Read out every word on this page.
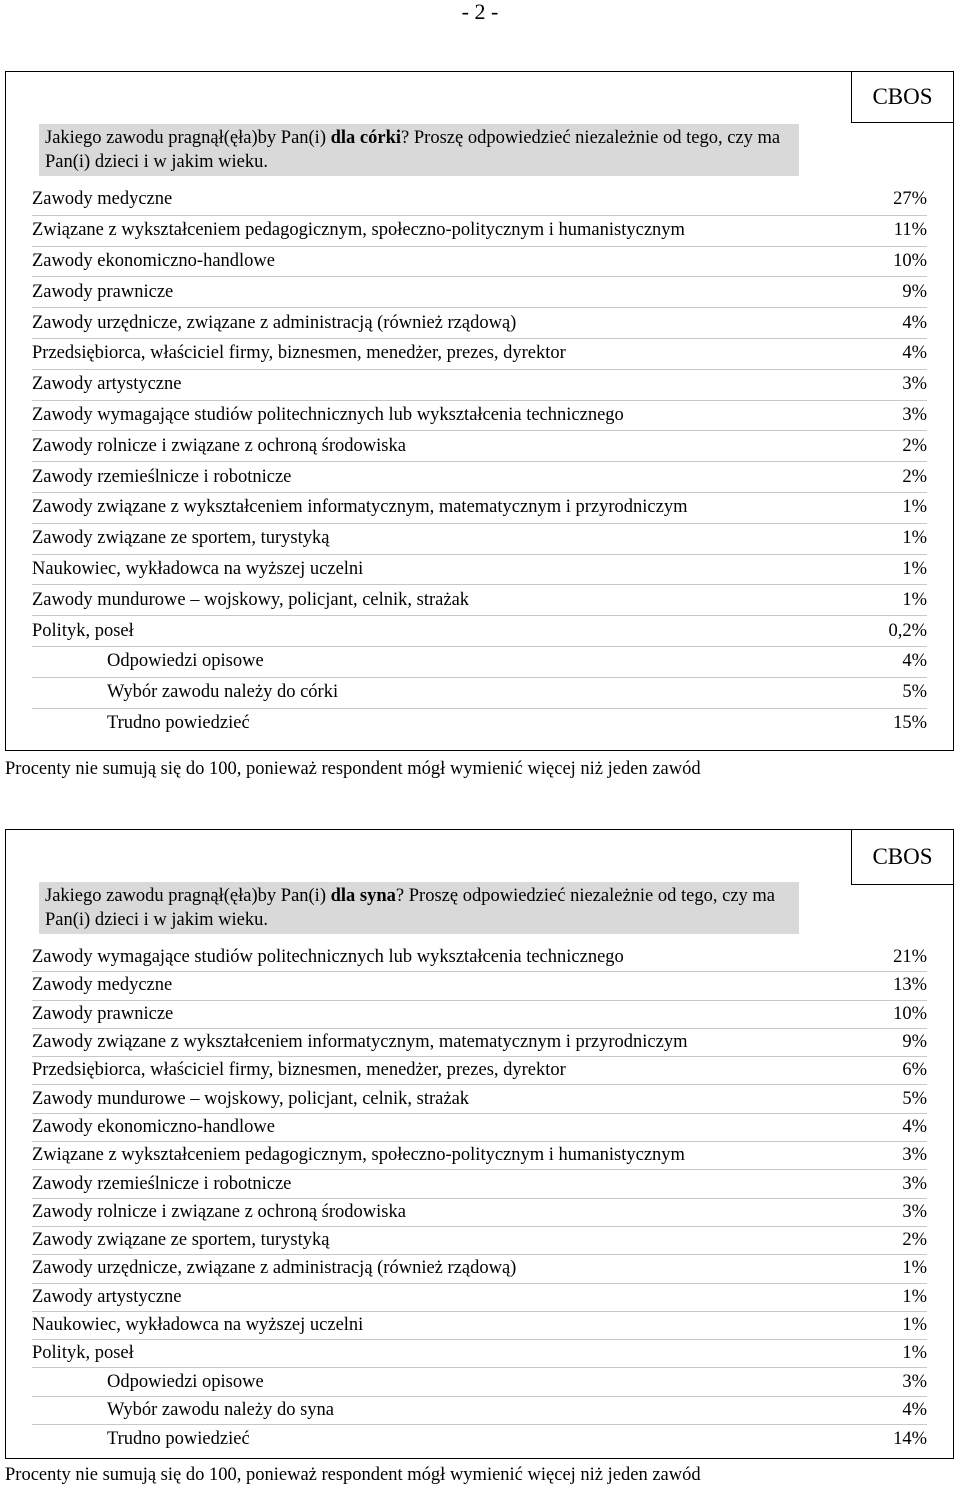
- 2 -
CBOS
Jakiego zawodu pragnął(ęła)by Pan(i) dla córki? Proszę odpowiedzieć niezależnie od tego, czy ma Pan(i) dzieci i w jakim wieku.
Zawody medyczne	27%
Związane z wykształceniem pedagogicznym, społeczno-politycznym i humanistycznym	11%
Zawody ekonomiczno-handlowe	10%
Zawody prawnicze	9%
Zawody urzędnicze, związane z administracją (również rządową)	4%
Przedsiębiorca, właściciel firmy, biznesmen, menedżer, prezes, dyrektor	4%
Zawody artystyczne	3%
Zawody wymagające studiów politechnicznych lub wykształcenia technicznego	3%
Zawody rolnicze i związane z ochroną środowiska	2%
Zawody rzemieślnicze i robotnicze	2%
Zawody związane z wykształceniem informatycznym, matematycznym i przyrodniczym	1%
Zawody związane ze sportem, turystyką	1%
Naukowiec, wykładowca na wyższej uczelni	1%
Zawody mundurowe – wojskowy, policjant, celnik, strażak	1%
Polityk, poseł	0,2%
Odpowiedzi opisowe	4%
Wybór zawodu należy do córki	5%
Trudno powiedzieć	15%
Procenty nie sumują się do 100, ponieważ respondent mógł wymienić więcej niż jeden zawód
CBOS
Jakiego zawodu pragnął(ęła)by Pan(i) dla syna? Proszę odpowiedzieć niezależnie od tego, czy ma Pan(i) dzieci i w jakim wieku.
Zawody wymagające studiów politechnicznych lub wykształcenia technicznego	21%
Zawody medyczne	13%
Zawody prawnicze	10%
Zawody związane z wykształceniem informatycznym, matematycznym i przyrodniczym	9%
Przedsiębiorca, właściciel firmy, biznesmen, menedżer, prezes, dyrektor	6%
Zawody mundurowe – wojskowy, policjant, celnik, strażak	5%
Zawody ekonomiczno-handlowe	4%
Związane z wykształceniem pedagogicznym, społeczno-politycznym i humanistycznym	3%
Zawody rzemieślnicze i robotnicze	3%
Zawody rolnicze i związane z ochroną środowiska	3%
Zawody związane ze sportem, turystyką	2%
Zawody urzędnicze, związane z administracją (również rządową)	1%
Zawody artystyczne	1%
Naukowiec, wykładowca na wyższej uczelni	1%
Polityk, poseł	1%
Odpowiedzi opisowe	3%
Wybór zawodu należy do syna	4%
Trudno powiedzieć	14%
Procenty nie sumują się do 100, ponieważ respondent mógł wymienić więcej niż jeden zawód
